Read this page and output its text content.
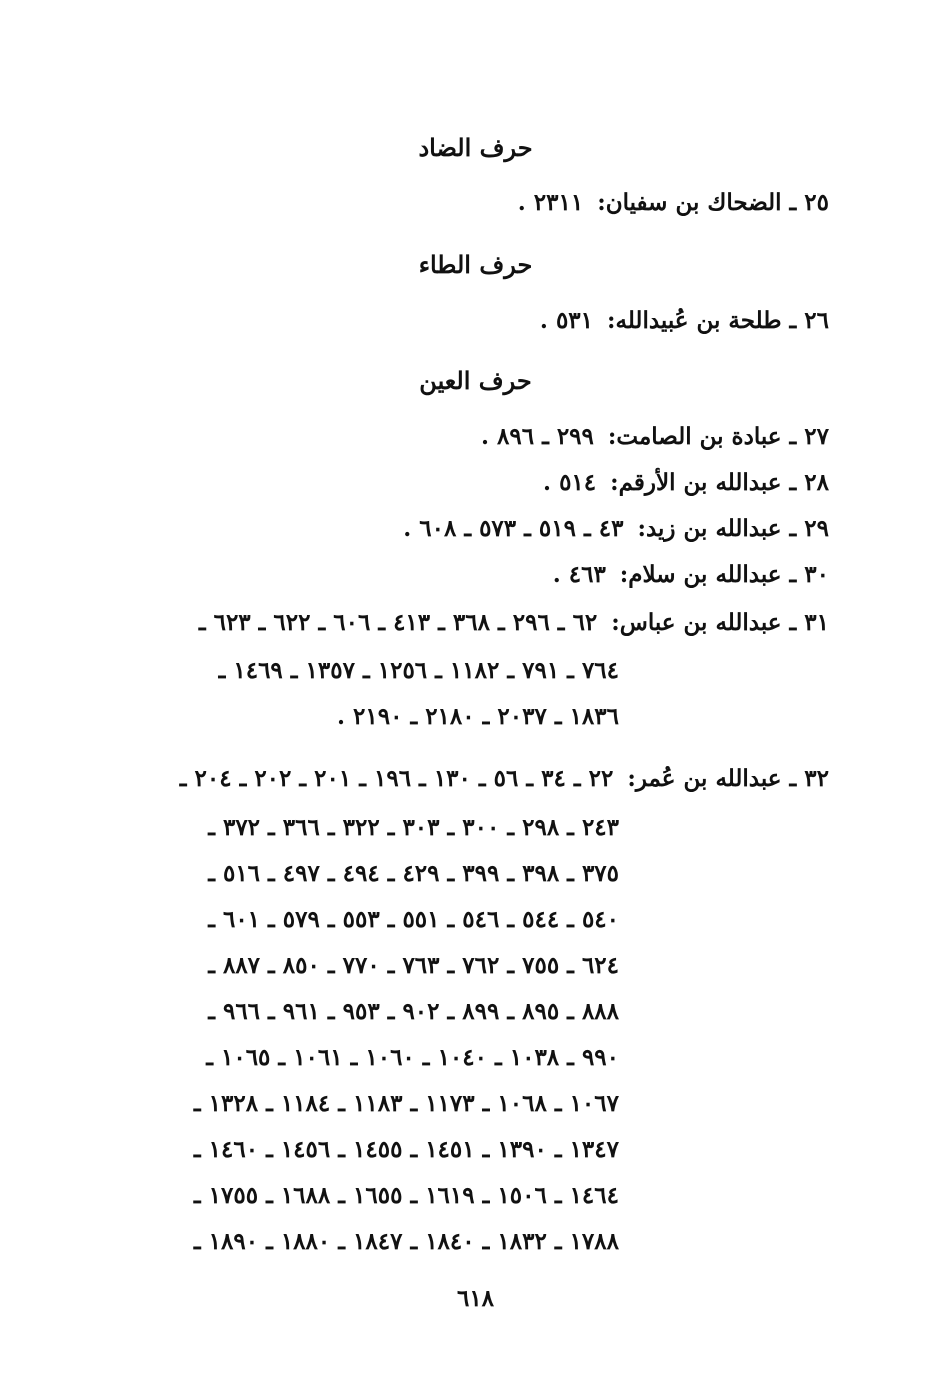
حرف الضاد
٢٥ـ الضحاك بن سفيان:٢٣١١ .
حرف الطاء
٢٦ـ طلحة بن عُبيدالله:٥٣١ .
حرف العين
٢٧ـ عبادة بن الصامت:٢٩٩ ـ ٨٩٦ .
٢٨ـ عبدالله بن الأرقم:٥١٤ .
٢٩ـ عبدالله بن زيد:٤٣ ـ ٥١٩ ـ ٥٧٣ ـ ٦٠٨ .
٣٠ـ عبدالله بن سلام:٤٦٣ .
٣١ـ عبدالله بن عباس:٦٢ ـ ٢٩٦ ـ ٣٦٨ ـ ٤١٣ ـ ٦٠٦ ـ ٦٢٢ ـ ٦٢٣ ـ
٧٦٤ ـ ٧٩١ ـ ١١٨٢ ـ ١٢٥٦ ـ ١٣٥٧ ـ ١٤٦٩ ـ
١٨٣٦ ـ ٢٠٣٧ ـ ٢١٨٠ ـ ٢١٩٠ .
٣٢ـ عبدالله بن عُمر:٢٢ ـ ٣٤ ـ ٥٦ ـ ١٣٠ ـ ١٩٦ ـ ٢٠١ ـ ٢٠٢ ـ ٢٠٤ ـ
٢٤٣ ـ ٢٩٨ ـ ٣٠٠ ـ ٣٠٣ ـ ٣٢٢ ـ ٣٦٦ ـ ٣٧٢ ـ
٣٧٥ ـ ٣٩٨ ـ ٣٩٩ ـ ٤٢٩ ـ ٤٩٤ ـ ٤٩٧ ـ ٥١٦ ـ
٥٤٠ ـ ٥٤٤ ـ ٥٤٦ ـ ٥٥١ ـ ٥٥٣ ـ ٥٧٩ ـ ٦٠١ ـ
٦٢٤ ـ ٧٥٥ ـ ٧٦٢ ـ ٧٦٣ ـ ٧٧٠ ـ ٨٥٠ ـ ٨٨٧ ـ
٨٨٨ ـ ٨٩٥ ـ ٨٩٩ ـ ٩٠٢ ـ ٩٥٣ ـ ٩٦١ ـ ٩٦٦ ـ
٩٩٠ ـ ١٠٣٨ ـ ١٠٤٠ ـ ١٠٦٠ ـ ١٠٦١ ـ ١٠٦٥ ـ
١٠٦٧ ـ ١٠٦٨ ـ ١١٧٣ ـ ١١٨٣ ـ ١١٨٤ ـ ١٣٢٨ ـ
١٣٤٧ ـ ١٣٩٠ ـ ١٤٥١ ـ ١٤٥٥ ـ ١٤٥٦ ـ ١٤٦٠ ـ
١٤٦٤ ـ ١٥٠٦ ـ ١٦١٩ ـ ١٦٥٥ ـ ١٦٨٨ ـ ١٧٥٥ ـ
١٧٨٨ ـ ١٨٣٢ ـ ١٨٤٠ ـ ١٨٤٧ ـ ١٨٨٠ ـ ١٨٩٠ ـ
٦١٨
